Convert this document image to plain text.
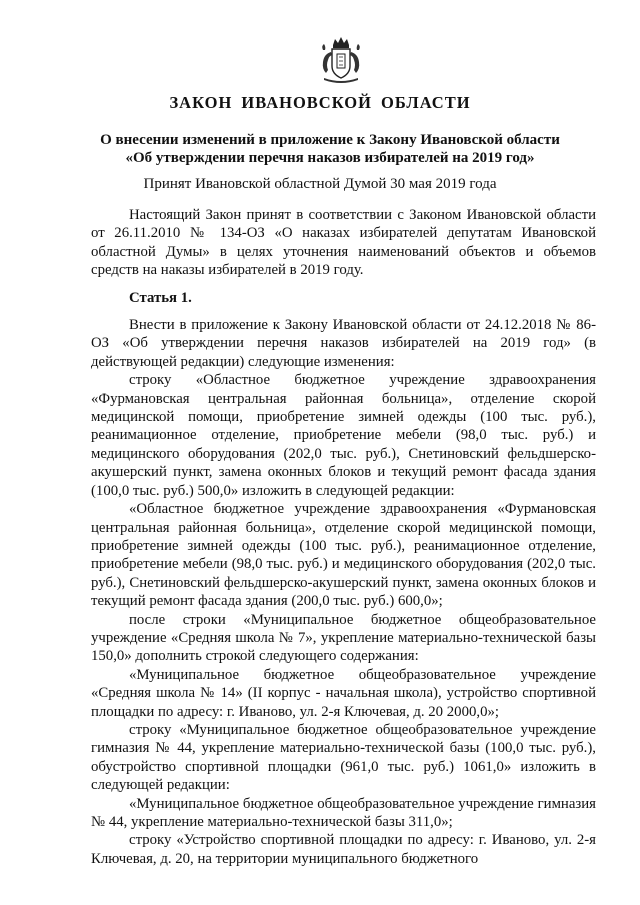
ЗАКОН ИВАНОВСКОЙ ОБЛАСТИ
О внесении изменений в приложение к Закону Ивановской области
«Об утверждении перечня наказов избирателей на 2019 год»
Принят Ивановской областной Думой 30 мая 2019 года

Настоящий Закон принят в соответствии с Законом Ивановской области от 26.11.2010 № 134-ОЗ «О наказах избирателей депутатам Ивановской областной Думы» в целях уточнения наименований объектов и объемов средств на наказы избирателей в 2019 году.

Статья 1.

Внести в приложение к Закону Ивановской области от 24.12.2018 № 86-ОЗ «Об утверждении перечня наказов избирателей на 2019 год» (в действующей редакции) следующие изменения:

строку «Областное бюджетное учреждение здравоохранения «Фурмановская центральная районная больница», отделение скорой медицинской помощи, приобретение зимней одежды (100 тыс. руб.), реанимационное отделение, приобретение мебели (98,0 тыс. руб.) и медицинского оборудования (202,0 тыс. руб.), Снетиновский фельдшерско-акушерский пункт, замена оконных блоков и текущий ремонт фасада здания (100,0 тыс. руб.) 500,0» изложить в следующей редакции:

«Областное бюджетное учреждение здравоохранения «Фурмановская центральная районная больница», отделение скорой медицинской помощи, приобретение зимней одежды (100 тыс. руб.), реанимационное отделение, приобретение мебели (98,0 тыс. руб.) и медицинского оборудования (202,0 тыс. руб.), Снетиновский фельдшерско-акушерский пункт, замена оконных блоков и текущий ремонт фасада здания (200,0 тыс. руб.) 600,0»;

после строки «Муниципальное бюджетное общеобразовательное учреждение «Средняя школа № 7», укрепление материально-технической базы 150,0» дополнить строкой следующего содержания:

«Муниципальное бюджетное общеобразовательное учреждение «Средняя школа № 14» (II корпус - начальная школа), устройство спортивной площадки по адресу: г. Иваново, ул. 2-я Ключевая, д. 20 2000,0»;

строку «Муниципальное бюджетное общеобразовательное учреждение гимназия № 44, укрепление материально-технической базы (100,0 тыс. руб.), обустройство спортивной площадки (961,0 тыс. руб.) 1061,0» изложить в следующей редакции:

«Муниципальное бюджетное общеобразовательное учреждение гимназия № 44, укрепление материально-технической базы 311,0»;

строку «Устройство спортивной площадки по адресу: г. Иваново, ул. 2-я Ключевая, д. 20, на территории муниципального бюджетного
